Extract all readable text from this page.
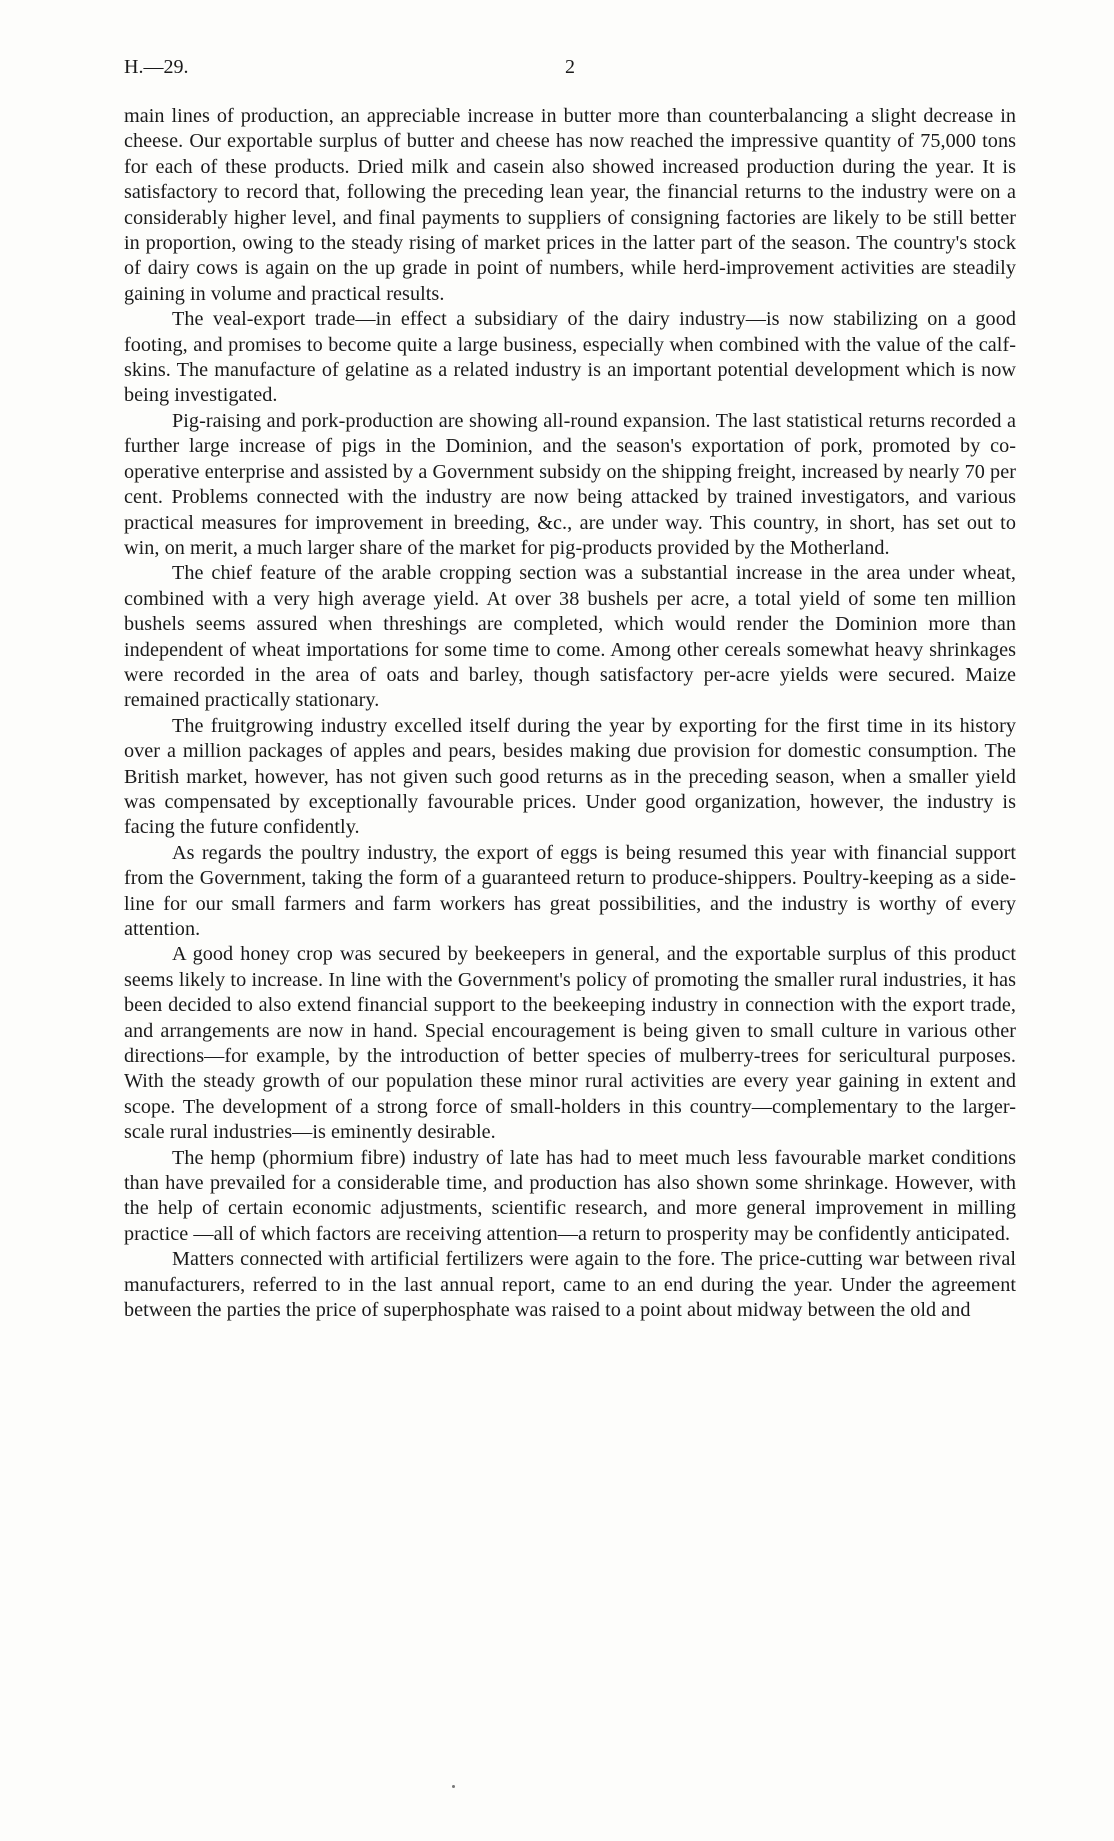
H.—29.	2

main lines of production, an appreciable increase in butter more than counterbalancing a slight decrease in cheese. Our exportable surplus of butter and cheese has now reached the impressive quantity of 75,000 tons for each of these products. Dried milk and casein also showed increased production during the year. It is satisfactory to record that, following the preceding lean year, the financial returns to the industry were on a considerably higher level, and final payments to suppliers of consigning factories are likely to be still better in proportion, owing to the steady rising of market prices in the latter part of the season. The country's stock of dairy cows is again on the up grade in point of numbers, while herd-improvement activities are steadily gaining in volume and practical results.

The veal-export trade—in effect a subsidiary of the dairy industry—is now stabilizing on a good footing, and promises to become quite a large business, especially when combined with the value of the calf-skins. The manufacture of gelatine as a related industry is an important potential development which is now being investigated.

Pig-raising and pork-production are showing all-round expansion. The last statistical returns recorded a further large increase of pigs in the Dominion, and the season's exportation of pork, promoted by co-operative enterprise and assisted by a Government subsidy on the shipping freight, increased by nearly 70 per cent. Problems connected with the industry are now being attacked by trained investigators, and various practical measures for improvement in breeding, &c., are under way. This country, in short, has set out to win, on merit, a much larger share of the market for pig-products provided by the Motherland.

The chief feature of the arable cropping section was a substantial increase in the area under wheat, combined with a very high average yield. At over 38 bushels per acre, a total yield of some ten million bushels seems assured when threshings are completed, which would render the Dominion more than independent of wheat importations for some time to come. Among other cereals somewhat heavy shrinkages were recorded in the area of oats and barley, though satisfactory per-acre yields were secured. Maize remained practically stationary.

The fruitgrowing industry excelled itself during the year by exporting for the first time in its history over a million packages of apples and pears, besides making due provision for domestic consumption. The British market, however, has not given such good returns as in the preceding season, when a smaller yield was compensated by exceptionally favourable prices. Under good organization, however, the industry is facing the future confidently.

As regards the poultry industry, the export of eggs is being resumed this year with financial support from the Government, taking the form of a guaranteed return to produce-shippers. Poultry-keeping as a side-line for our small farmers and farm workers has great possibilities, and the industry is worthy of every attention.

A good honey crop was secured by beekeepers in general, and the exportable surplus of this product seems likely to increase. In line with the Government's policy of promoting the smaller rural industries, it has been decided to also extend financial support to the beekeeping industry in connection with the export trade, and arrangements are now in hand. Special encouragement is being given to small culture in various other directions—for example, by the introduction of better species of mulberry-trees for sericultural purposes. With the steady growth of our population these minor rural activities are every year gaining in extent and scope. The development of a strong force of small-holders in this country—complementary to the larger-scale rural industries—is eminently desirable.

The hemp (phormium fibre) industry of late has had to meet much less favourable market conditions than have prevailed for a considerable time, and production has also shown some shrinkage. However, with the help of certain economic adjustments, scientific research, and more general improvement in milling practice —all of which factors are receiving attention—a return to prosperity may be confidently anticipated.

Matters connected with artificial fertilizers were again to the fore. The price-cutting war between rival manufacturers, referred to in the last annual report, came to an end during the year. Under the agreement between the parties the price of superphosphate was raised to a point about midway between the old and
